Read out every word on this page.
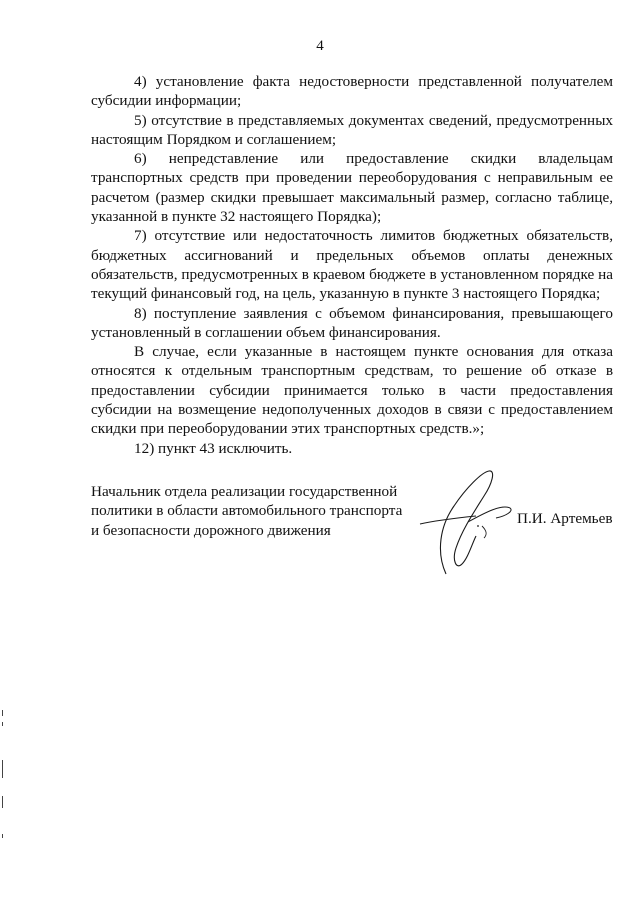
4

4) установление факта недостоверности представленной получателем субсидии информации;

5) отсутствие в представляемых документах сведений, предусмотренных настоящим Порядком и соглашением;

6) непредставление или предоставление скидки владельцам транспортных средств при проведении переоборудования с неправильным ее расчетом (размер скидки превышает максимальный размер, согласно таблице, указанной в пункте 32 настоящего Порядка);

7) отсутствие или недостаточность лимитов бюджетных обязательств, бюджетных ассигнований и предельных объемов оплаты денежных обязательств, предусмотренных в краевом бюджете в установленном порядке на текущий финансовый год, на цель, указанную в пункте 3 настоящего Порядка;

8) поступление заявления с объемом финансирования, превышающего установленный в соглашении объем финансирования.

В случае, если указанные в настоящем пункте основания для отказа относятся к отдельным транспортным средствам, то решение об отказе в предоставлении субсидии принимается только в части предоставления субсидии на возмещение недополученных доходов в связи с предоставлением скидки при переоборудовании этих транспортных средств.»;

12) пункт 43 исключить.

Начальник отдела реализации государственной
политики в области автомобильного транспорта
и безопасности дорожного движения
П.И. Артемьев
